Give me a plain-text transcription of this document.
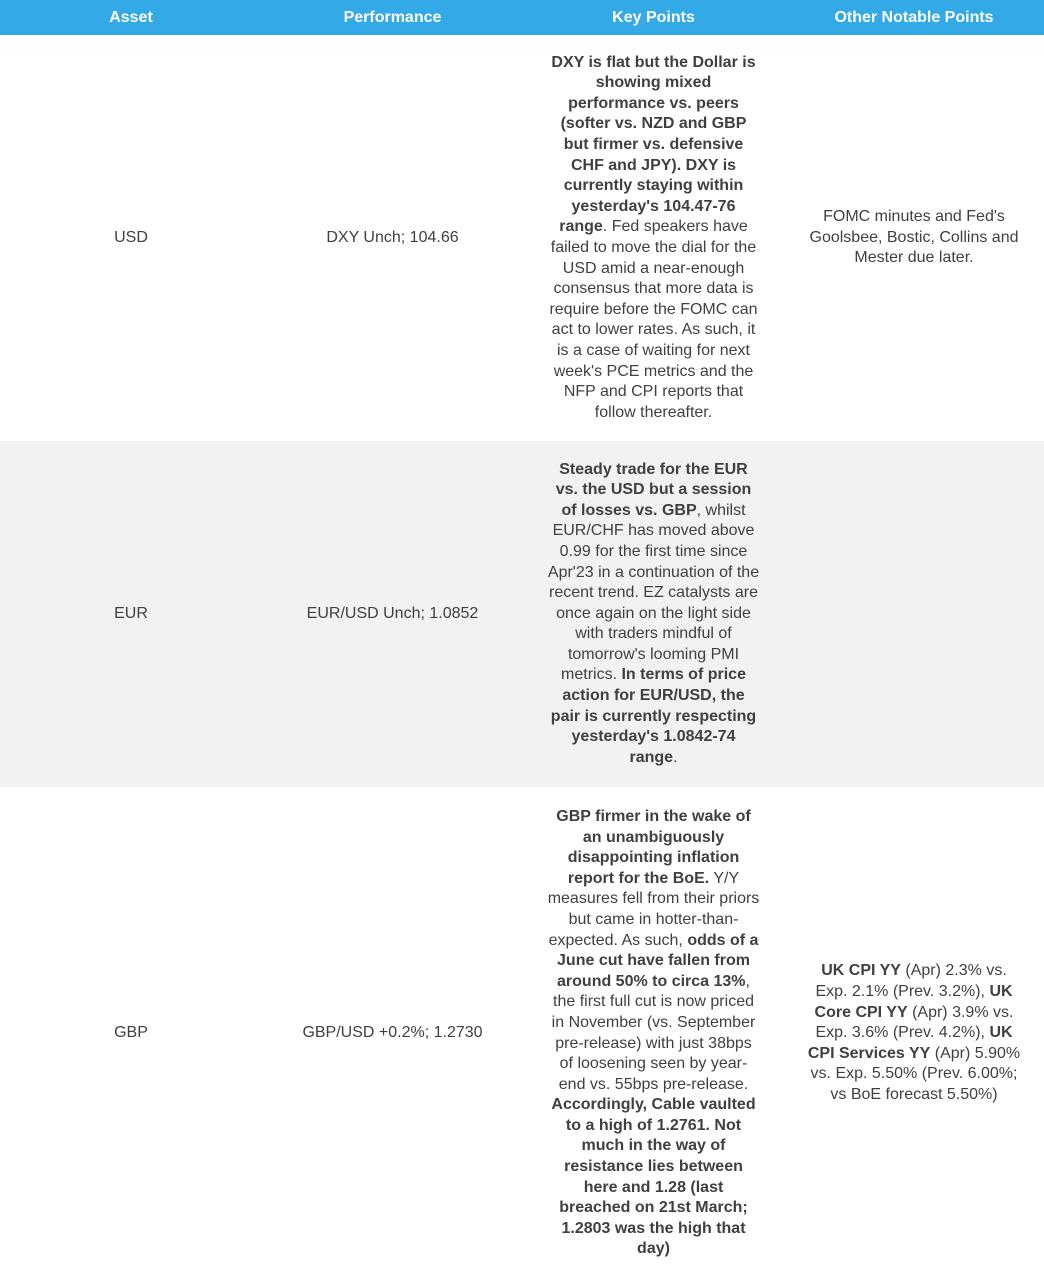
Asset	Performance	Key Points	Other Notable Points
USD	DXY Unch; 104.66	DXY is flat but the Dollar is showing mixed performance vs. peers (softer vs. NZD and GBP but firmer vs. defensive CHF and JPY). DXY is currently staying within yesterday's 104.47-76 range. Fed speakers have failed to move the dial for the USD amid a near-enough consensus that more data is require before the FOMC can act to lower rates. As such, it is a case of waiting for next week's PCE metrics and the NFP and CPI reports that follow thereafter.	FOMC minutes and Fed's Goolsbee, Bostic, Collins and Mester due later.

EUR	EUR/USD Unch; 1.0852	Steady trade for the EUR vs. the USD but a session of losses vs. GBP, whilst EUR/CHF has moved above 0.99 for the first time since Apr'23 in a continuation of the recent trend. EZ catalysts are once again on the light side with traders mindful of tomorrow's looming PMI metrics. In terms of price action for EUR/USD, the pair is currently respecting yesterday's 1.0842-74 range.	

GBP	GBP/USD +0.2%; 1.2730	GBP firmer in the wake of an unambiguously disappointing inflation report for the BoE. Y/Y measures fell from their priors but came in hotter-than-expected. As such, odds of a June cut have fallen from around 50% to circa 13%, the first full cut is now priced in November (vs. September pre-release) with just 38bps of loosening seen by year-end vs. 55bps pre-release. Accordingly, Cable vaulted to a high of 1.2761. Not much in the way of resistance lies between here and 1.28 (last breached on 21st March; 1.2803 was the high that day)	UK CPI YY (Apr) 2.3% vs. Exp. 2.1% (Prev. 3.2%), UK Core CPI YY (Apr) 3.9% vs. Exp. 3.6% (Prev. 4.2%), UK CPI Services YY (Apr) 5.90% vs. Exp. 5.50% (Prev. 6.00%; vs BoE forecast 5.50%)
